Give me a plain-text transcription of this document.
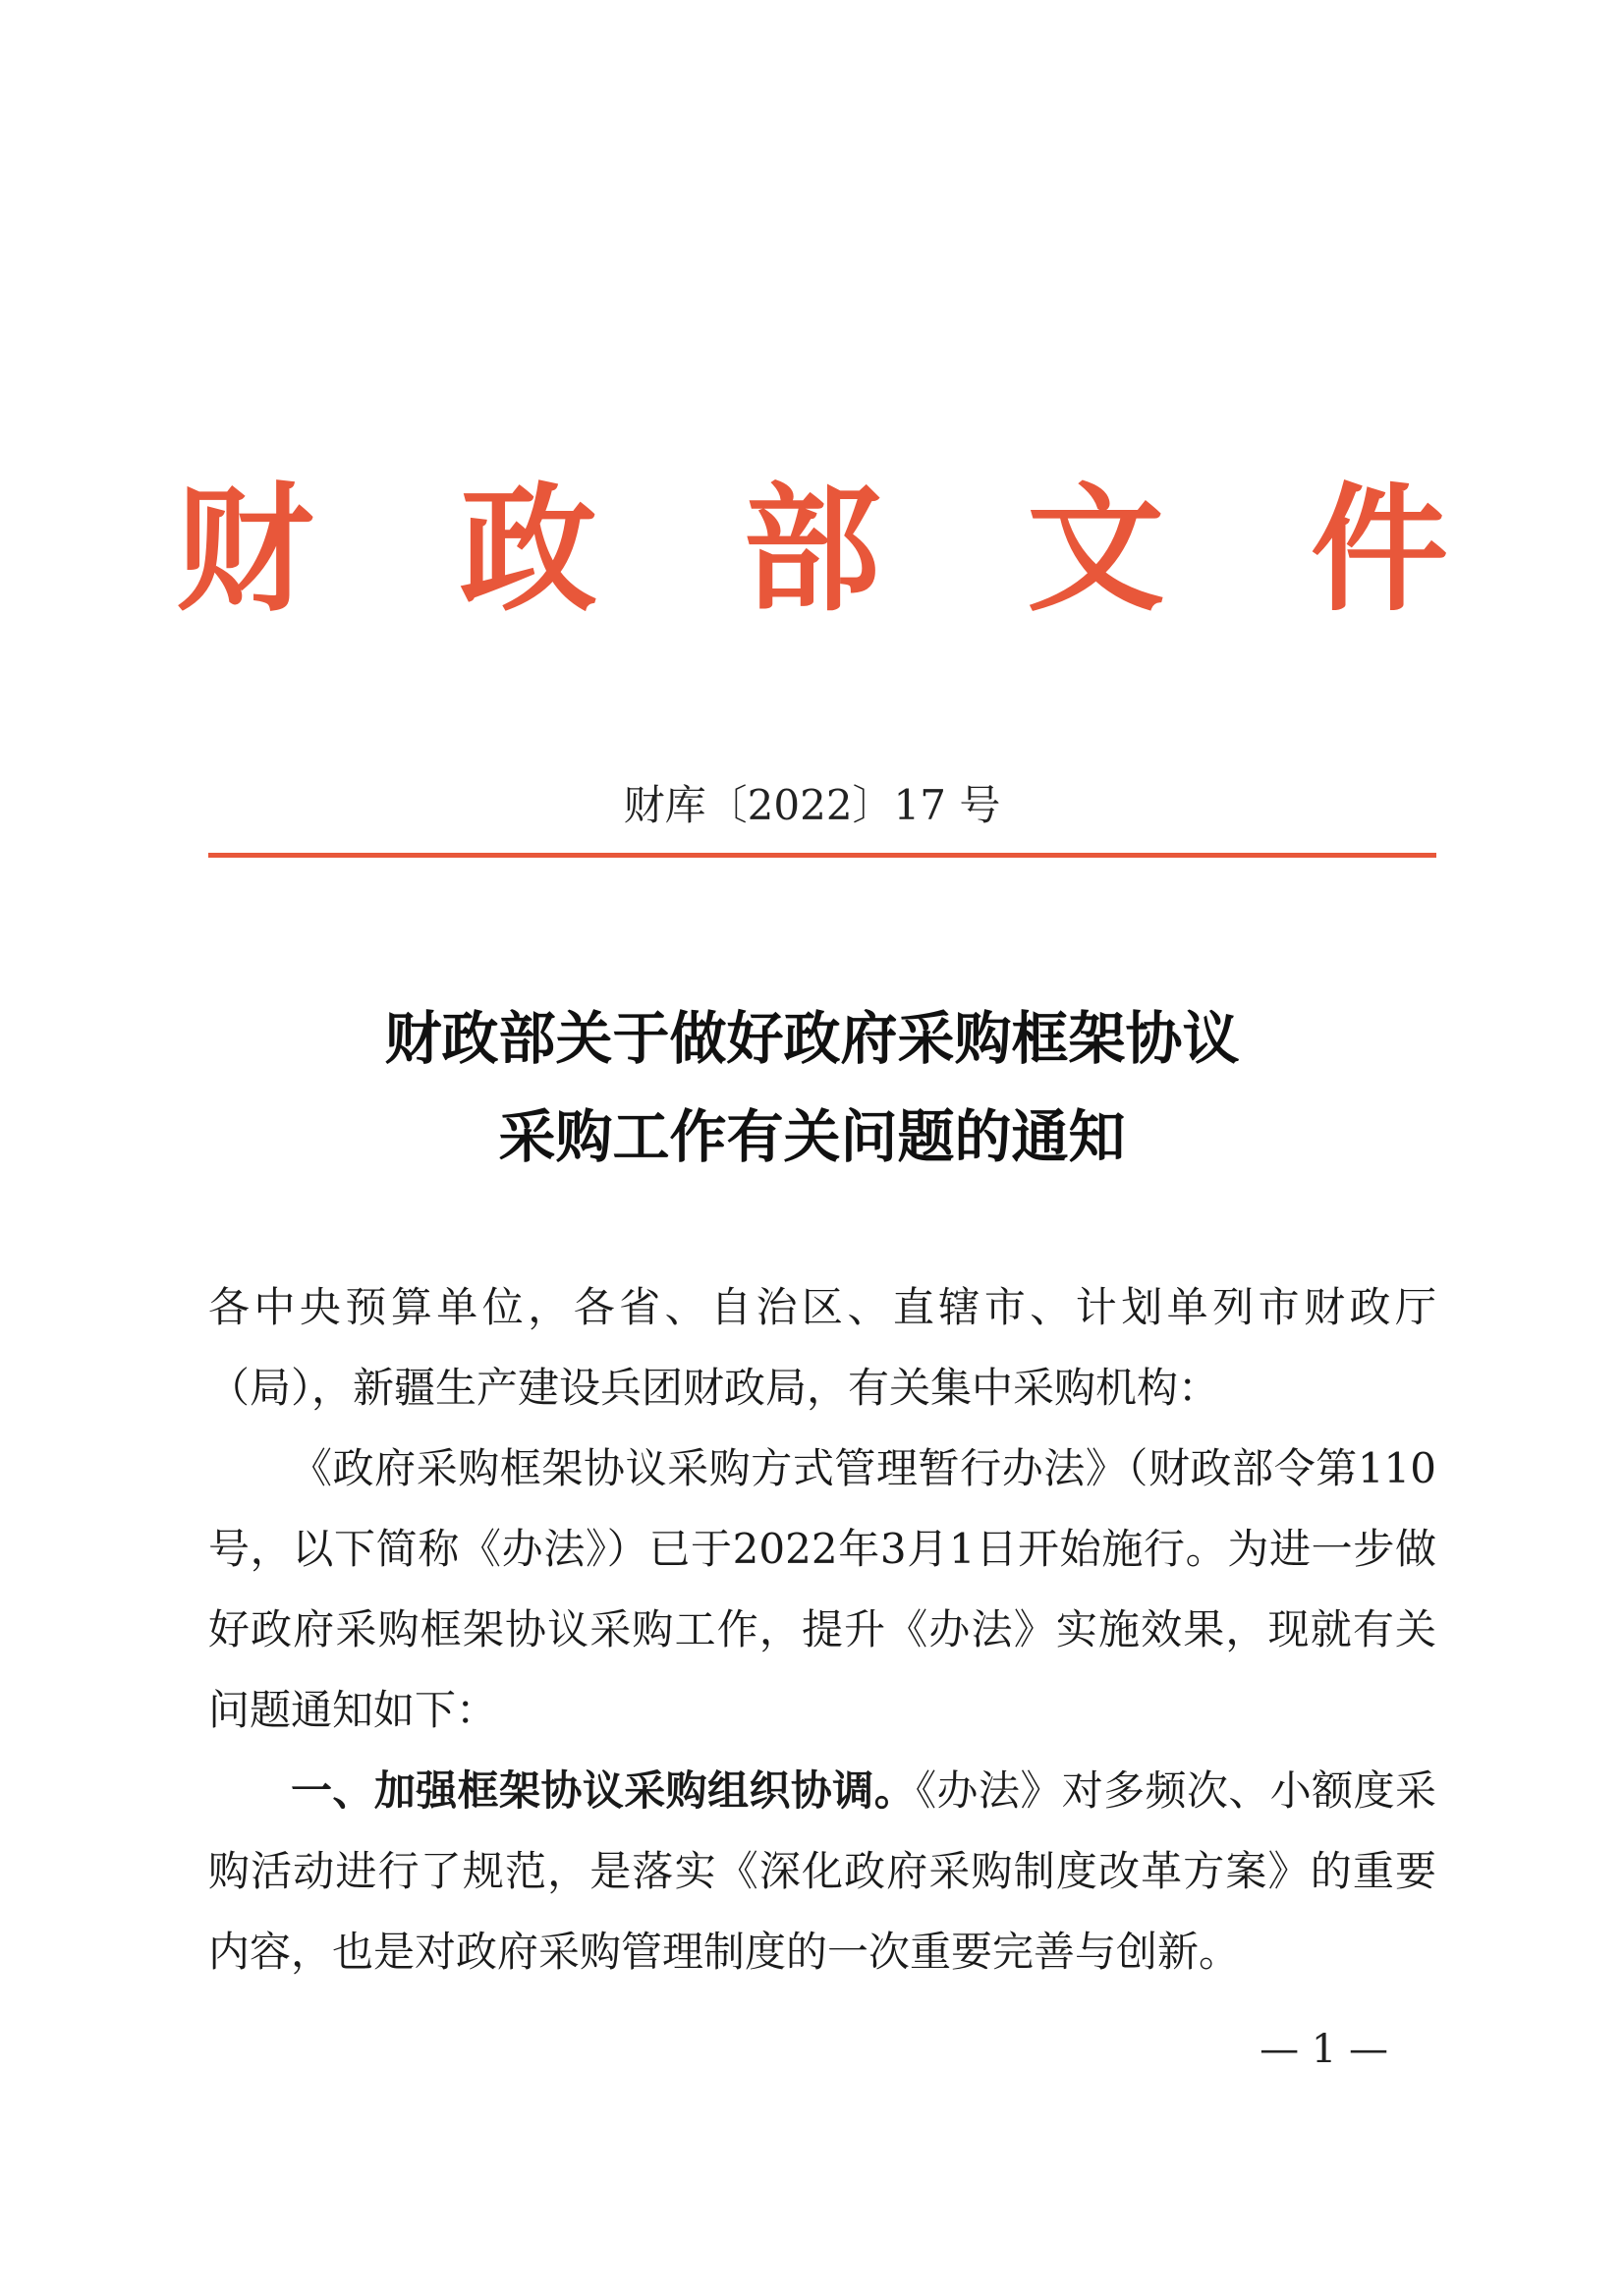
财 政 部 文 件
财库〔2022〕17 号
财政部关于做好政府采购框架协议
采购工作有关问题的通知

各中央预算单位，各省、自治区、直辖市、计划单列市财政厅（局），新疆生产建设兵团财政局，有关集中采购机构：

《政府采购框架协议采购方式管理暂行办法》（财政部令第110号，以下简称《办法》）已于2022年3月1日开始施行。为进一步做好政府采购框架协议采购工作，提升《办法》实施效果，现就有关问题通知如下：

一、加强框架协议采购组织协调。《办法》对多频次、小额度采购活动进行了规范，是落实《深化政府采购制度改革方案》的重要内容，也是对政府采购管理制度的一次重要完善与创新。

— 1 —
